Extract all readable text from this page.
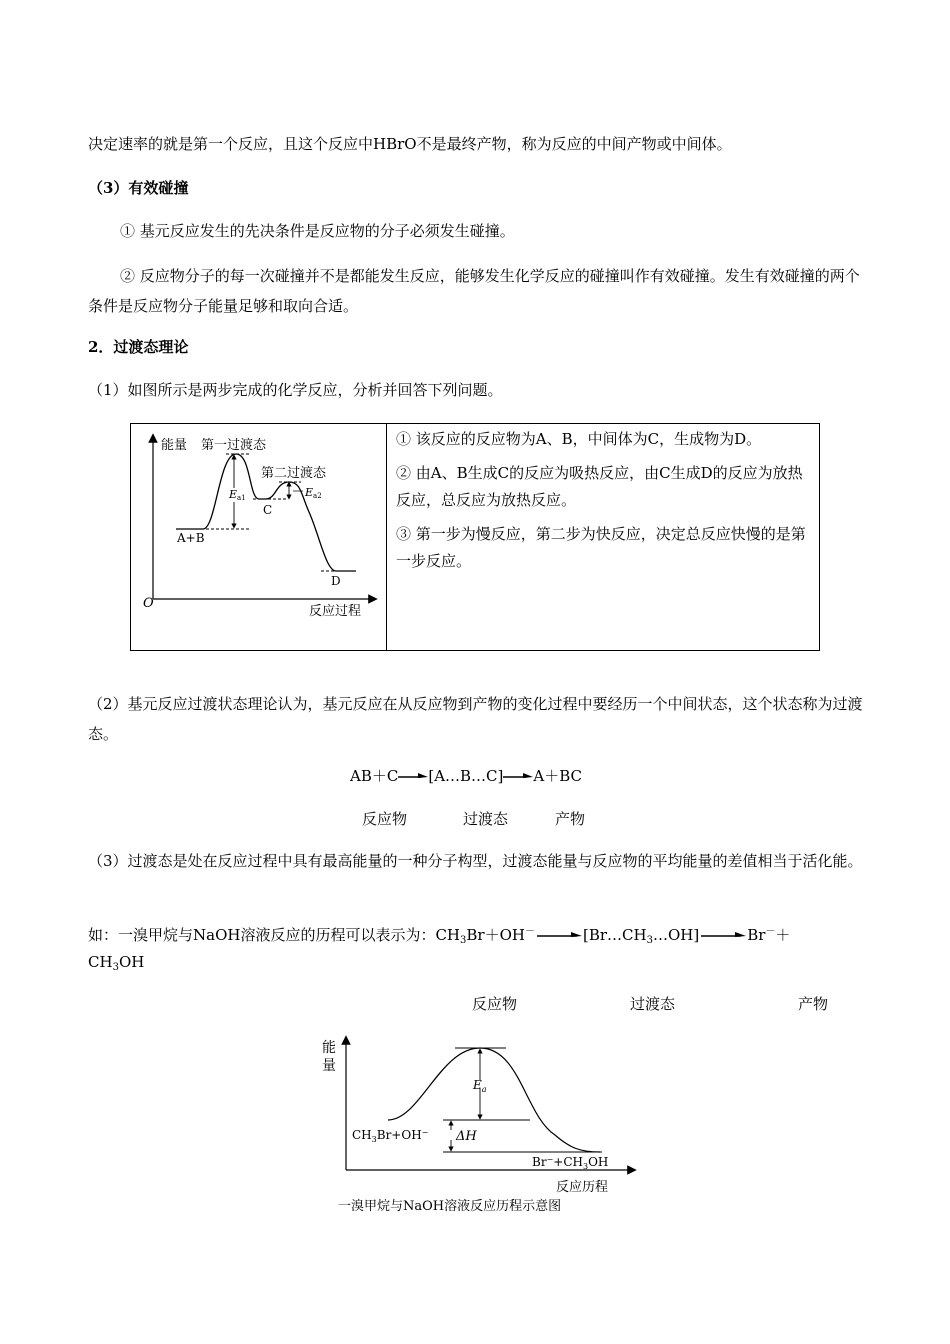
决定速率的就是第一个反应，且这个反应中HBrO不是最终产物，称为反应的中间产物或中间体。

（3）有效碰撞

① 基元反应发生的先决条件是反应物的分子必须发生碰撞。

② 反应物分子的每一次碰撞并不是都能发生反应，能够发生化学反应的碰撞叫作有效碰撞。发生有效碰撞的两个条件是反应物分子能量足够和取向合适。

2．过渡态理论

（1）如图所示是两步完成的化学反应，分析并回答下列问题。

能量 第一过渡态
O
反应过程
Ea1	Ea2
第二过渡态
A+B
C
D

① 该反应的反应物为A、B，中间体为C，生成物为D。

② 由A、B生成C的反应为吸热反应，由C生成D的反应为放热反应，总反应为放热反应。

③ 第一步为慢反应，第二步为快反应，决定总反应快慢的是第一步反应。

（2）基元反应过渡状态理论认为，基元反应在从反应物到产物的变化过程中要经历一个中间状态，这个状态称为过渡态。

AB＋C [A…B…C] A＋BC
反应物	过渡态	产物

（3）过渡态是处在反应过程中具有最高能量的一种分子构型，过渡态能量与反应物的平均能量的差值相当于活化能。

如：一溴甲烷与NaOH溶液反应的历程可以表示为：$CH_3Br+OH^-$	$[Br\dots CH_3\dots OH]$	Br－＋
$CH_3OH$
反应物	过渡态	产物
能
量
$E_a$
ΔH
$CH_3Br+OH^-$
$Br^-+CH_3OH$
反应历程
一溴甲烷与NaOH溶液反应历程示意图
